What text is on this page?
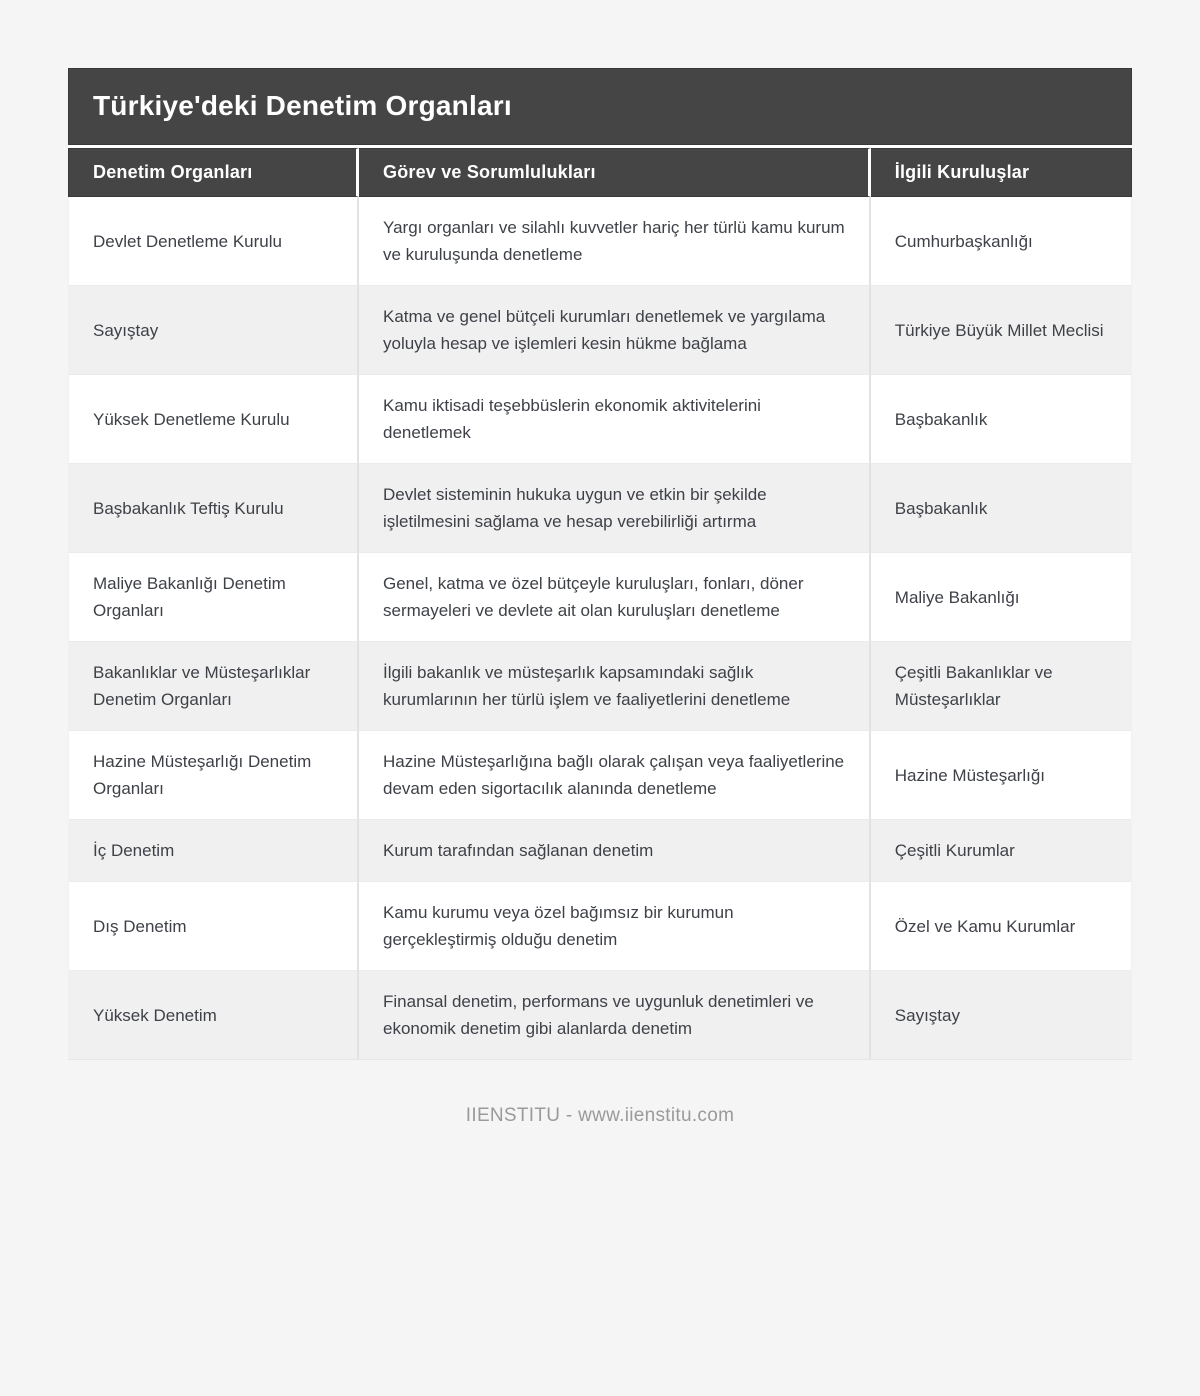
Türkiye'deki Denetim Organları
Denetim Organları	Görev ve Sorumlulukları	İlgili Kuruluşlar
Devlet Denetleme Kurulu	Yargı organları ve silahlı kuvvetler hariç her türlü kamu kurum ve kuruluşunda denetleme	Cumhurbaşkanlığı
Sayıştay	Katma ve genel bütçeli kurumları denetlemek ve yargılama yoluyla hesap ve işlemleri kesin hükme bağlama	Türkiye Büyük Millet Meclisi
Yüksek Denetleme Kurulu	Kamu iktisadi teşebbüslerin ekonomik aktivitelerini denetlemek	Başbakanlık
Başbakanlık Teftiş Kurulu	Devlet sisteminin hukuka uygun ve etkin bir şekilde işletilmesini sağlama ve hesap verebilirliği artırma	Başbakanlık
Maliye Bakanlığı Denetim Organları	Genel, katma ve özel bütçeyle kuruluşları, fonları, döner sermayeleri ve devlete ait olan kuruluşları denetleme	Maliye Bakanlığı
Bakanlıklar ve Müsteşarlıklar Denetim Organları	İlgili bakanlık ve müsteşarlık kapsamındaki sağlık kurumlarının her türlü işlem ve faaliyetlerini denetleme	Çeşitli Bakanlıklar ve Müsteşarlıklar
Hazine Müsteşarlığı Denetim Organları	Hazine Müsteşarlığına bağlı olarak çalışan veya faaliyetlerine devam eden sigortacılık alanında denetleme	Hazine Müsteşarlığı
İç Denetim	Kurum tarafından sağlanan denetim	Çeşitli Kurumlar
Dış Denetim	Kamu kurumu veya özel bağımsız bir kurumun gerçekleştirmiş olduğu denetim	Özel ve Kamu Kurumlar
Yüksek Denetim	Finansal denetim, performans ve uygunluk denetimleri ve ekonomik denetim gibi alanlarda denetim	Sayıştay
IIENSTITU - www.iienstitu.com
